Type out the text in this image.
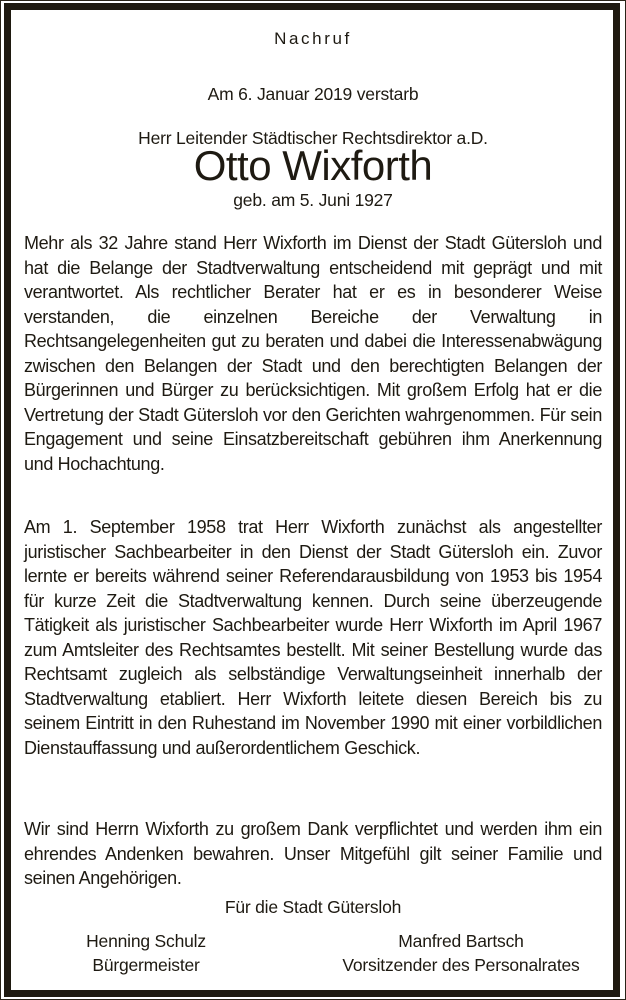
Nachruf
Am 6. Januar 2019 verstarb
Herr Leitender Städtischer Rechtsdirektor a.D.
Otto Wixforth
geb. am 5. Juni 1927

Mehr als 32 Jahre stand Herr Wixforth im Dienst der Stadt Gütersloh und hat die Belange der Stadtverwaltung entscheidend mit geprägt und mit verantwortet. Als rechtlicher Berater hat er es in besonderer Weise verstanden, die einzelnen Bereiche der Verwaltung in Rechtsangelegenheiten gut zu beraten und dabei die Interessenabwägung zwischen den Belangen der Stadt und den berechtigten Belangen der Bürgerinnen und Bürger zu berücksichtigen. Mit großem Erfolg hat er die Vertretung der Stadt Gütersloh vor den Gerichten wahrgenommen. Für sein Engagement und seine Einsatzbereitschaft gebühren ihm Anerkennung und Hochachtung.

Am 1. September 1958 trat Herr Wixforth zunächst als angestellter juristischer Sachbearbeiter in den Dienst der Stadt Gütersloh ein. Zuvor lernte er bereits während seiner Referendarausbildung von 1953 bis 1954 für kurze Zeit die Stadtverwaltung kennen. Durch seine überzeugende Tätigkeit als juristischer Sachbearbeiter wurde Herr Wixforth im April 1967 zum Amtsleiter des Rechtsamtes bestellt. Mit seiner Bestellung wurde das Rechtsamt zugleich als selbständige Verwaltungseinheit innerhalb der Stadtverwaltung etabliert. Herr Wixforth leitete diesen Bereich bis zu seinem Eintritt in den Ruhestand im November 1990 mit einer vorbildlichen Dienstauffassung und außerordentlichem Geschick.

Wir sind Herrn Wixforth zu großem Dank verpflichtet und werden ihm ein ehrendes Andenken bewahren. Unser Mitgefühl gilt seiner Familie und seinen Angehörigen.

Für die Stadt Gütersloh
Henning Schulz
Bürgermeister
Manfred Bartsch
Vorsitzender des Personalrates
